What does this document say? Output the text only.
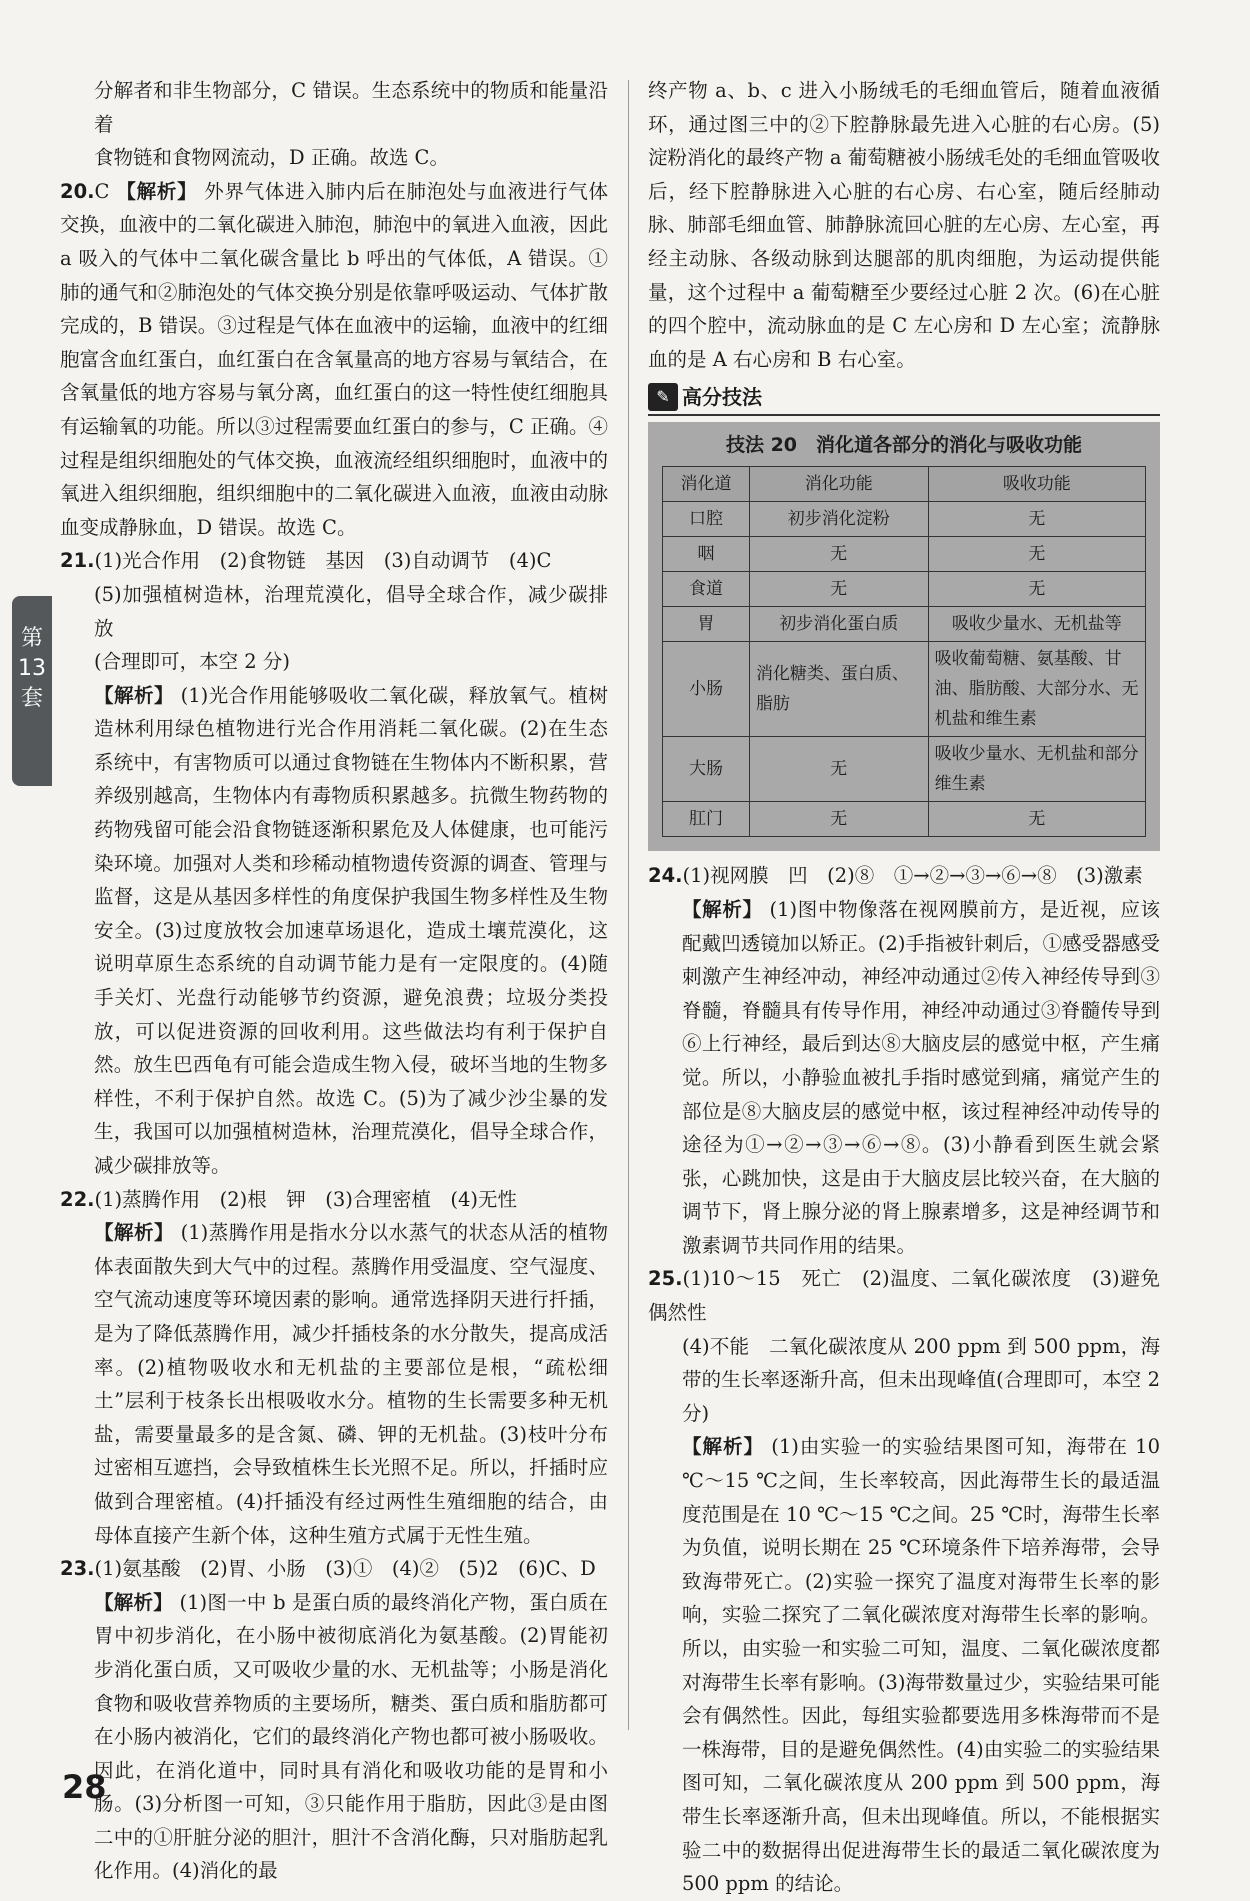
第
13
套

分解者和非生物部分，C 错误。生态系统中的物质和能量沿着

食物链和食物网流动，D 正确。故选 C。

20.C 【解析】 外界气体进入肺内后在肺泡处与血液进行气体交换，血液中的二氧化碳进入肺泡，肺泡中的氧进入血液，因此 a 吸入的气体中二氧化碳含量比 b 呼出的气体低，A 错误。①肺的通气和②肺泡处的气体交换分别是依靠呼吸运动、气体扩散完成的，B 错误。③过程是气体在血液中的运输，血液中的红细胞富含血红蛋白，血红蛋白在含氧量高的地方容易与氧结合，在含氧量低的地方容易与氧分离，血红蛋白的这一特性使红细胞具有运输氧的功能。所以③过程需要血红蛋白的参与，C 正确。④过程是组织细胞处的气体交换，血液流经组织细胞时，血液中的氧进入组织细胞，组织细胞中的二氧化碳进入血液，血液由动脉血变成静脉血，D 错误。故选 C。

21.(1)光合作用　(2)食物链　基因　(3)自动调节　(4)C

(5)加强植树造林，治理荒漠化，倡导全球合作，减少碳排放

(合理即可，本空 2 分)

【解析】 (1)光合作用能够吸收二氧化碳，释放氧气。植树造林利用绿色植物进行光合作用消耗二氧化碳。(2)在生态系统中，有害物质可以通过食物链在生物体内不断积累，营养级别越高，生物体内有毒物质积累越多。抗微生物药物的药物残留可能会沿食物链逐渐积累危及人体健康，也可能污染环境。加强对人类和珍稀动植物遗传资源的调查、管理与监督，这是从基因多样性的角度保护我国生物多样性及生物安全。(3)过度放牧会加速草场退化，造成土壤荒漠化，这说明草原生态系统的自动调节能力是有一定限度的。(4)随手关灯、光盘行动能够节约资源，避免浪费；垃圾分类投放，可以促进资源的回收利用。这些做法均有利于保护自然。放生巴西龟有可能会造成生物入侵，破坏当地的生物多样性，不利于保护自然。故选 C。(5)为了减少沙尘暴的发生，我国可以加强植树造林，治理荒漠化，倡导全球合作，减少碳排放等。

22.(1)蒸腾作用　(2)根　钾　(3)合理密植　(4)无性

【解析】 (1)蒸腾作用是指水分以水蒸气的状态从活的植物体表面散失到大气中的过程。蒸腾作用受温度、空气湿度、空气流动速度等环境因素的影响。通常选择阴天进行扦插，是为了降低蒸腾作用，减少扦插枝条的水分散失，提高成活率。(2)植物吸收水和无机盐的主要部位是根，“疏松细土”层利于枝条长出根吸收水分。植物的生长需要多种无机盐，需要量最多的是含氮、磷、钾的无机盐。(3)枝叶分布过密相互遮挡，会导致植株生长光照不足。所以，扦插时应做到合理密植。(4)扦插没有经过两性生殖细胞的结合，由母体直接产生新个体，这种生殖方式属于无性生殖。

23.(1)氨基酸　(2)胃、小肠　(3)①　(4)②　(5)2　(6)C、D

【解析】 (1)图一中 b 是蛋白质的最终消化产物，蛋白质在胃中初步消化，在小肠中被彻底消化为氨基酸。(2)胃能初步消化蛋白质，又可吸收少量的水、无机盐等；小肠是消化食物和吸收营养物质的主要场所，糖类、蛋白质和脂肪都可在小肠内被消化，它们的最终消化产物也都可被小肠吸收。因此，在消化道中，同时具有消化和吸收功能的是胃和小肠。(3)分析图一可知，③只能作用于脂肪，因此③是由图二中的①肝脏分泌的胆汁，胆汁不含消化酶，只对脂肪起乳化作用。(4)消化的最

终产物 a、b、c 进入小肠绒毛的毛细血管后，随着血液循环，通过图三中的②下腔静脉最先进入心脏的右心房。(5)淀粉消化的最终产物 a 葡萄糖被小肠绒毛处的毛细血管吸收后，经下腔静脉进入心脏的右心房、右心室，随后经肺动脉、肺部毛细血管、肺静脉流回心脏的左心房、左心室，再经主动脉、各级动脉到达腿部的肌肉细胞，为运动提供能量，这个过程中 a 葡萄糖至少要经过心脏 2 次。(6)在心脏的四个腔中，流动脉血的是 C 左心房和 D 左心室；流静脉血的是 A 右心房和 B 右心室。

✎ 高分技法
技法 20　消化道各部分的消化与吸收功能
消化道	消化功能	吸收功能
口腔	初步消化淀粉	无
咽	无	无
食道	无	无
胃	初步消化蛋白质	吸收少量水、无机盐等
小肠	消化糖类、蛋白质、脂肪	吸收葡萄糖、氨基酸、甘油、脂肪酸、大部分水、无机盐和维生素
大肠	无	吸收少量水、无机盐和部分维生素
肛门	无	无

24.(1)视网膜　凹　(2)⑧　①→②→③→⑥→⑧　(3)激素

【解析】 (1)图中物像落在视网膜前方，是近视，应该配戴凹透镜加以矫正。(2)手指被针刺后，①感受器感受刺激产生神经冲动，神经冲动通过②传入神经传导到③脊髓，脊髓具有传导作用，神经冲动通过③脊髓传导到⑥上行神经，最后到达⑧大脑皮层的感觉中枢，产生痛觉。所以，小静验血被扎手指时感觉到痛，痛觉产生的部位是⑧大脑皮层的感觉中枢，该过程神经冲动传导的途径为①→②→③→⑥→⑧。(3)小静看到医生就会紧张，心跳加快，这是由于大脑皮层比较兴奋，在大脑的调节下，肾上腺分泌的肾上腺素增多，这是神经调节和激素调节共同作用的结果。

25.(1)10～15　死亡　(2)温度、二氧化碳浓度　(3)避免偶然性

(4)不能　二氧化碳浓度从 200 ppm 到 500 ppm，海带的生长率逐渐升高，但未出现峰值(合理即可，本空 2 分)

【解析】 (1)由实验一的实验结果图可知，海带在 10 ℃～15 ℃之间，生长率较高，因此海带生长的最适温度范围是在 10 ℃～15 ℃之间。25 ℃时，海带生长率为负值，说明长期在 25 ℃环境条件下培养海带，会导致海带死亡。(2)实验一探究了温度对海带生长率的影响，实验二探究了二氧化碳浓度对海带生长率的影响。所以，由实验一和实验二可知，温度、二氧化碳浓度都对海带生长率有影响。(3)海带数量过少，实验结果可能会有偶然性。因此，每组实验都要选用多株海带而不是一株海带，目的是避免偶然性。(4)由实验二的实验结果图可知，二氧化碳浓度从 200 ppm 到 500 ppm，海带生长率逐渐升高，但未出现峰值。所以，不能根据实验二中的数据得出促进海带生长的最适二氧化碳浓度为 500 ppm 的结论。

28
